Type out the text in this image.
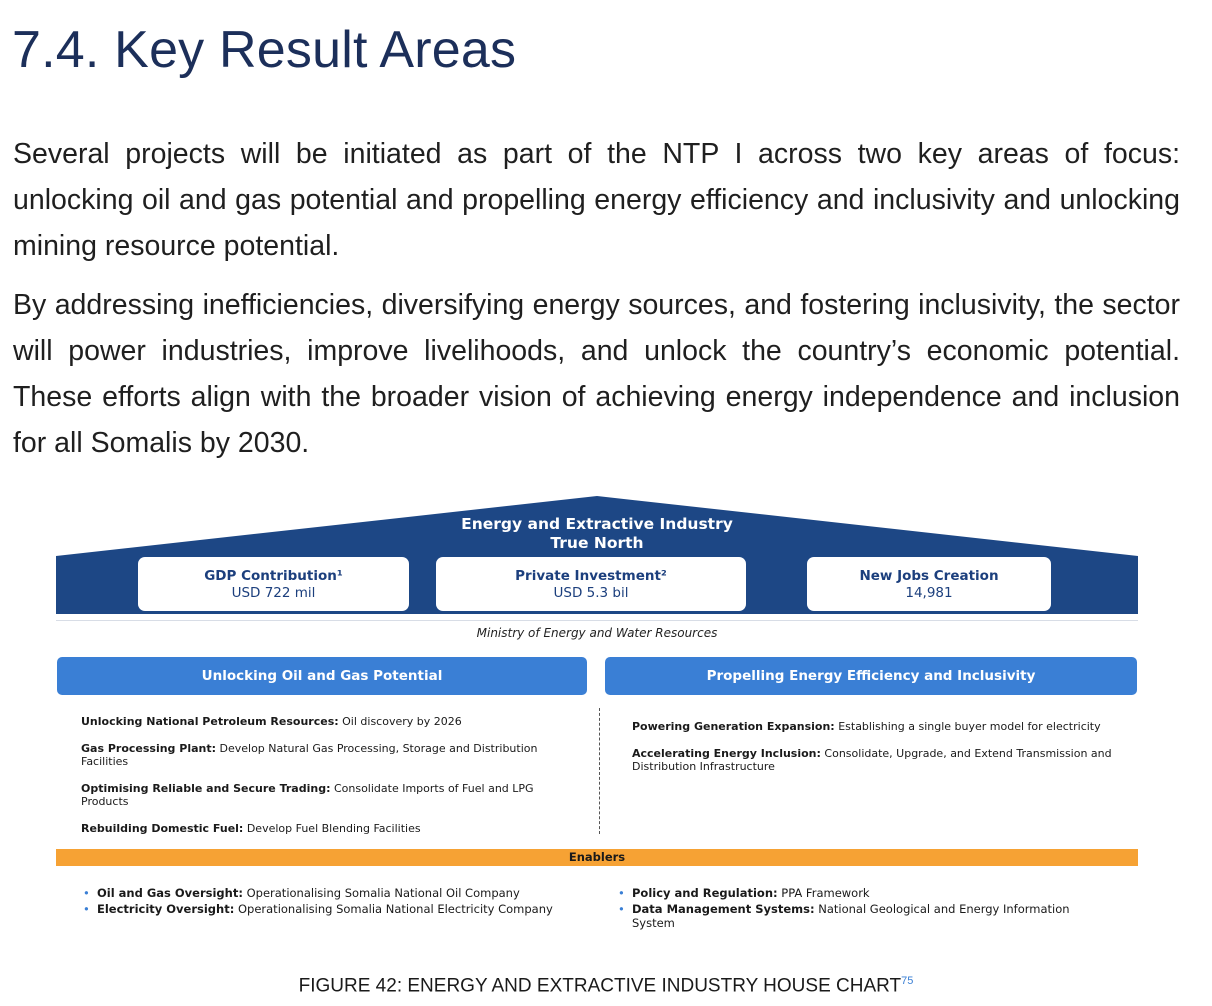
7.4. Key Result Areas

Several projects will be initiated as part of the NTP I across two key areas of focus: unlocking oil and gas potential and propelling energy efficiency and inclusivity and unlocking mining resource potential.

By addressing inefficiencies, diversifying energy sources, and fostering inclusivity, the sector will power industries, improve livelihoods, and unlock the country’s economic potential. These efforts align with the broader vision of achieving energy independence and inclusion for all Somalis by 2030.

Energy and Extractive Industry
True North
GDP Contribution¹
USD 722 mil
Private Investment²
USD 5.3 bil
New Jobs Creation
14,981
Ministry of Energy and Water Resources
Unlocking Oil and Gas Potential	Propelling Energy Efficiency and Inclusivity
Unlocking National Petroleum Resources: Oil discovery by 2026
Gas Processing Plant: Develop Natural Gas Processing, Storage and Distribution Facilities
Optimising Reliable and Secure Trading: Consolidate Imports of Fuel and LPG Products
Rebuilding Domestic Fuel: Develop Fuel Blending Facilities
Powering Generation Expansion: Establishing a single buyer model for electricity
Accelerating Energy Inclusion: Consolidate, Upgrade, and Extend Transmission and Distribution Infrastructure
Enablers
• Oil and Gas Oversight: Operationalising Somalia National Oil Company
• Electricity Oversight: Operationalising Somalia National Electricity Company
• Policy and Regulation: PPA Framework
• Data Management Systems: National Geological and Energy Information System
FIGURE 42: ENERGY AND EXTRACTIVE INDUSTRY HOUSE CHART$^{75}$
